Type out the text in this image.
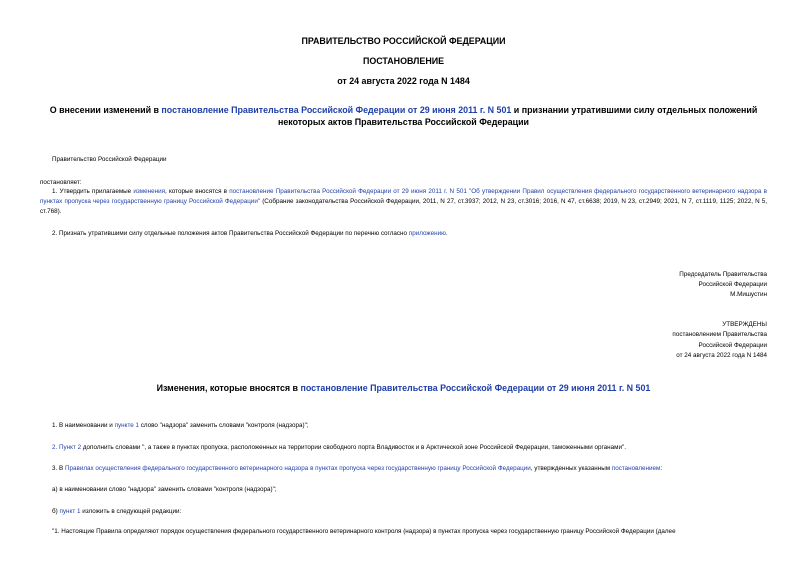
ПРАВИТЕЛЬСТВО РОССИЙСКОЙ ФЕДЕРАЦИИ
ПОСТАНОВЛЕНИЕ
от 24 августа 2022 года N 1484
О внесении изменений в постановление Правительства Российской Федерации от 29 июня 2011 г. N 501 и признании утратившими силу отдельных положений
некоторых актов Правительства Российской Федерации
Правительство Российской Федерации
постановляет:
1. Утвердить прилагаемые изменения, которые вносятся в постановление Правительства Российской Федерации от 29 июня 2011 г. N 501 "Об утверждении Правил осуществления федерального государственного ветеринарного надзора в пунктах пропуска через государственную границу Российской Федерации" (Собрание законодательства Российской Федерации, 2011, N 27, ст.3937; 2012, N 23, ст.3016; 2016, N 47, ст.6638; 2019, N 23, ст.2949; 2021, N 7, ст.1119, 1125; 2022, N 5, ст.768).
2. Признать утратившими силу отдельные положения актов Правительства Российской Федерации по перечню согласно приложению.
Председатель Правительства
Российской Федерации
М.Мишустин
УТВЕРЖДЕНЫ
постановлением Правительства
Российской Федерации
от 24 августа 2022 года N 1484
Изменения, которые вносятся в постановление Правительства Российской Федерации от 29 июня 2011 г. N 501
1. В наименовании и пункте 1 слово "надзора" заменить словами "контроля (надзора)";
2. Пункт 2 дополнить словами ", а также в пунктах пропуска, расположенных на территории свободного порта Владивосток и в Арктической зоне Российской Федерации, таможенными органами".
3. В Правилах осуществления федерального государственного ветеринарного надзора в пунктах пропуска через государственную границу Российской Федерации, утвержденных указанным постановлением:
а) в наименовании слово "надзора" заменить словами "контроля (надзора)";
б) пункт 1 изложить в следующей редакции:
"1. Настоящие Правила определяют порядок осуществления федерального государственного ветеринарного контроля (надзора) в пунктах пропуска через государственную границу Российской Федерации (далее
